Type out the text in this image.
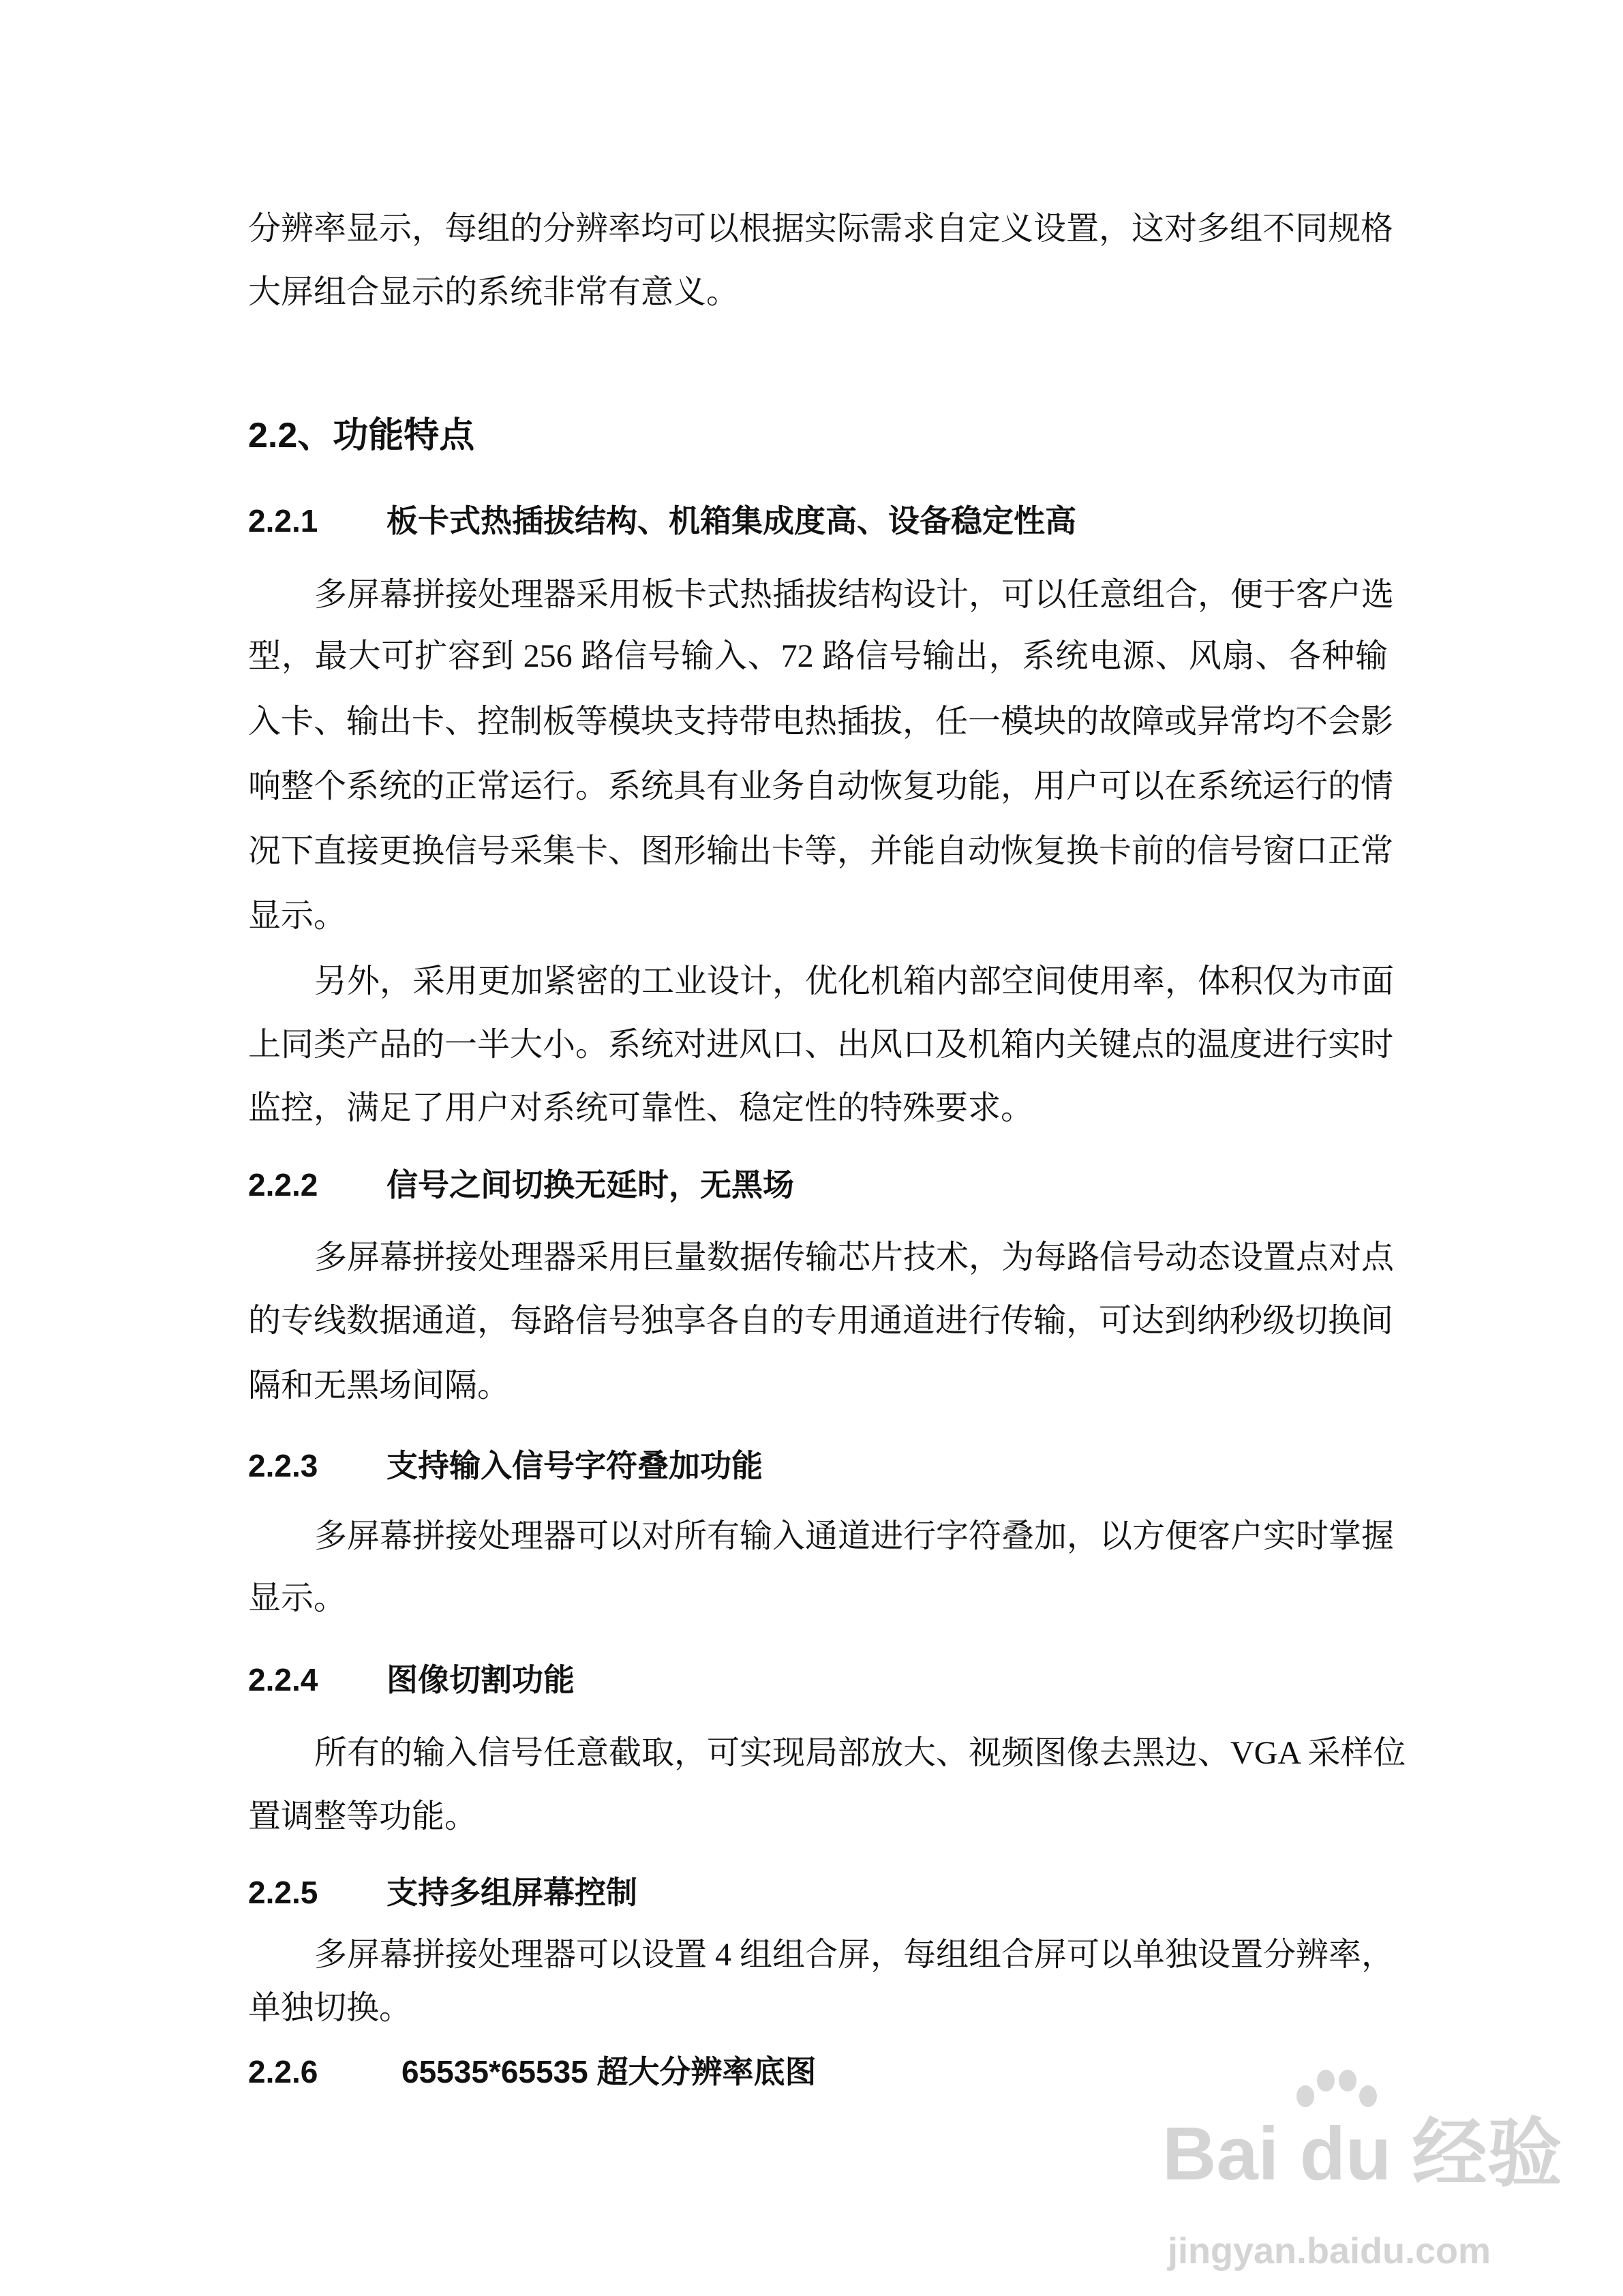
分辨率显示，每组的分辨率均可以根据实际需求自定义设置，这对多组不同规格
大屏组合显示的系统非常有意义。
2.2、功能特点
2.2.1 板卡式热插拔结构、机箱集成度高、设备稳定性高
多屏幕拼接处理器采用板卡式热插拔结构设计，可以任意组合，便于客户选
型，最大可扩容到 256 路信号输入、72 路信号输出，系统电源、风扇、各种输
入卡、输出卡、控制板等模块支持带电热插拔，任一模块的故障或异常均不会影
响整个系统的正常运行。系统具有业务自动恢复功能，用户可以在系统运行的情
况下直接更换信号采集卡、图形输出卡等，并能自动恢复换卡前的信号窗口正常
显示。
另外，采用更加紧密的工业设计，优化机箱内部空间使用率，体积仅为市面
上同类产品的一半大小。系统对进风口、出风口及机箱内关键点的温度进行实时
监控，满足了用户对系统可靠性、稳定性的特殊要求。
2.2.2 信号之间切换无延时，无黑场
多屏幕拼接处理器采用巨量数据传输芯片技术，为每路信号动态设置点对点
的专线数据通道，每路信号独享各自的专用通道进行传输，可达到纳秒级切换间
隔和无黑场间隔。
2.2.3 支持输入信号字符叠加功能
多屏幕拼接处理器可以对所有输入通道进行字符叠加，以方便客户实时掌握
显示。
2.2.4 图像切割功能
所有的输入信号任意截取，可实现局部放大、视频图像去黑边、VGA 采样位
置调整等功能。
2.2.5 支持多组屏幕控制
多屏幕拼接处理器可以设置 4 组组合屏，每组组合屏可以单独设置分辨率，
单独切换。
2.2.6	65535*65535 超大分辨率底图
Bai du 经验
jingyan.baidu.com
